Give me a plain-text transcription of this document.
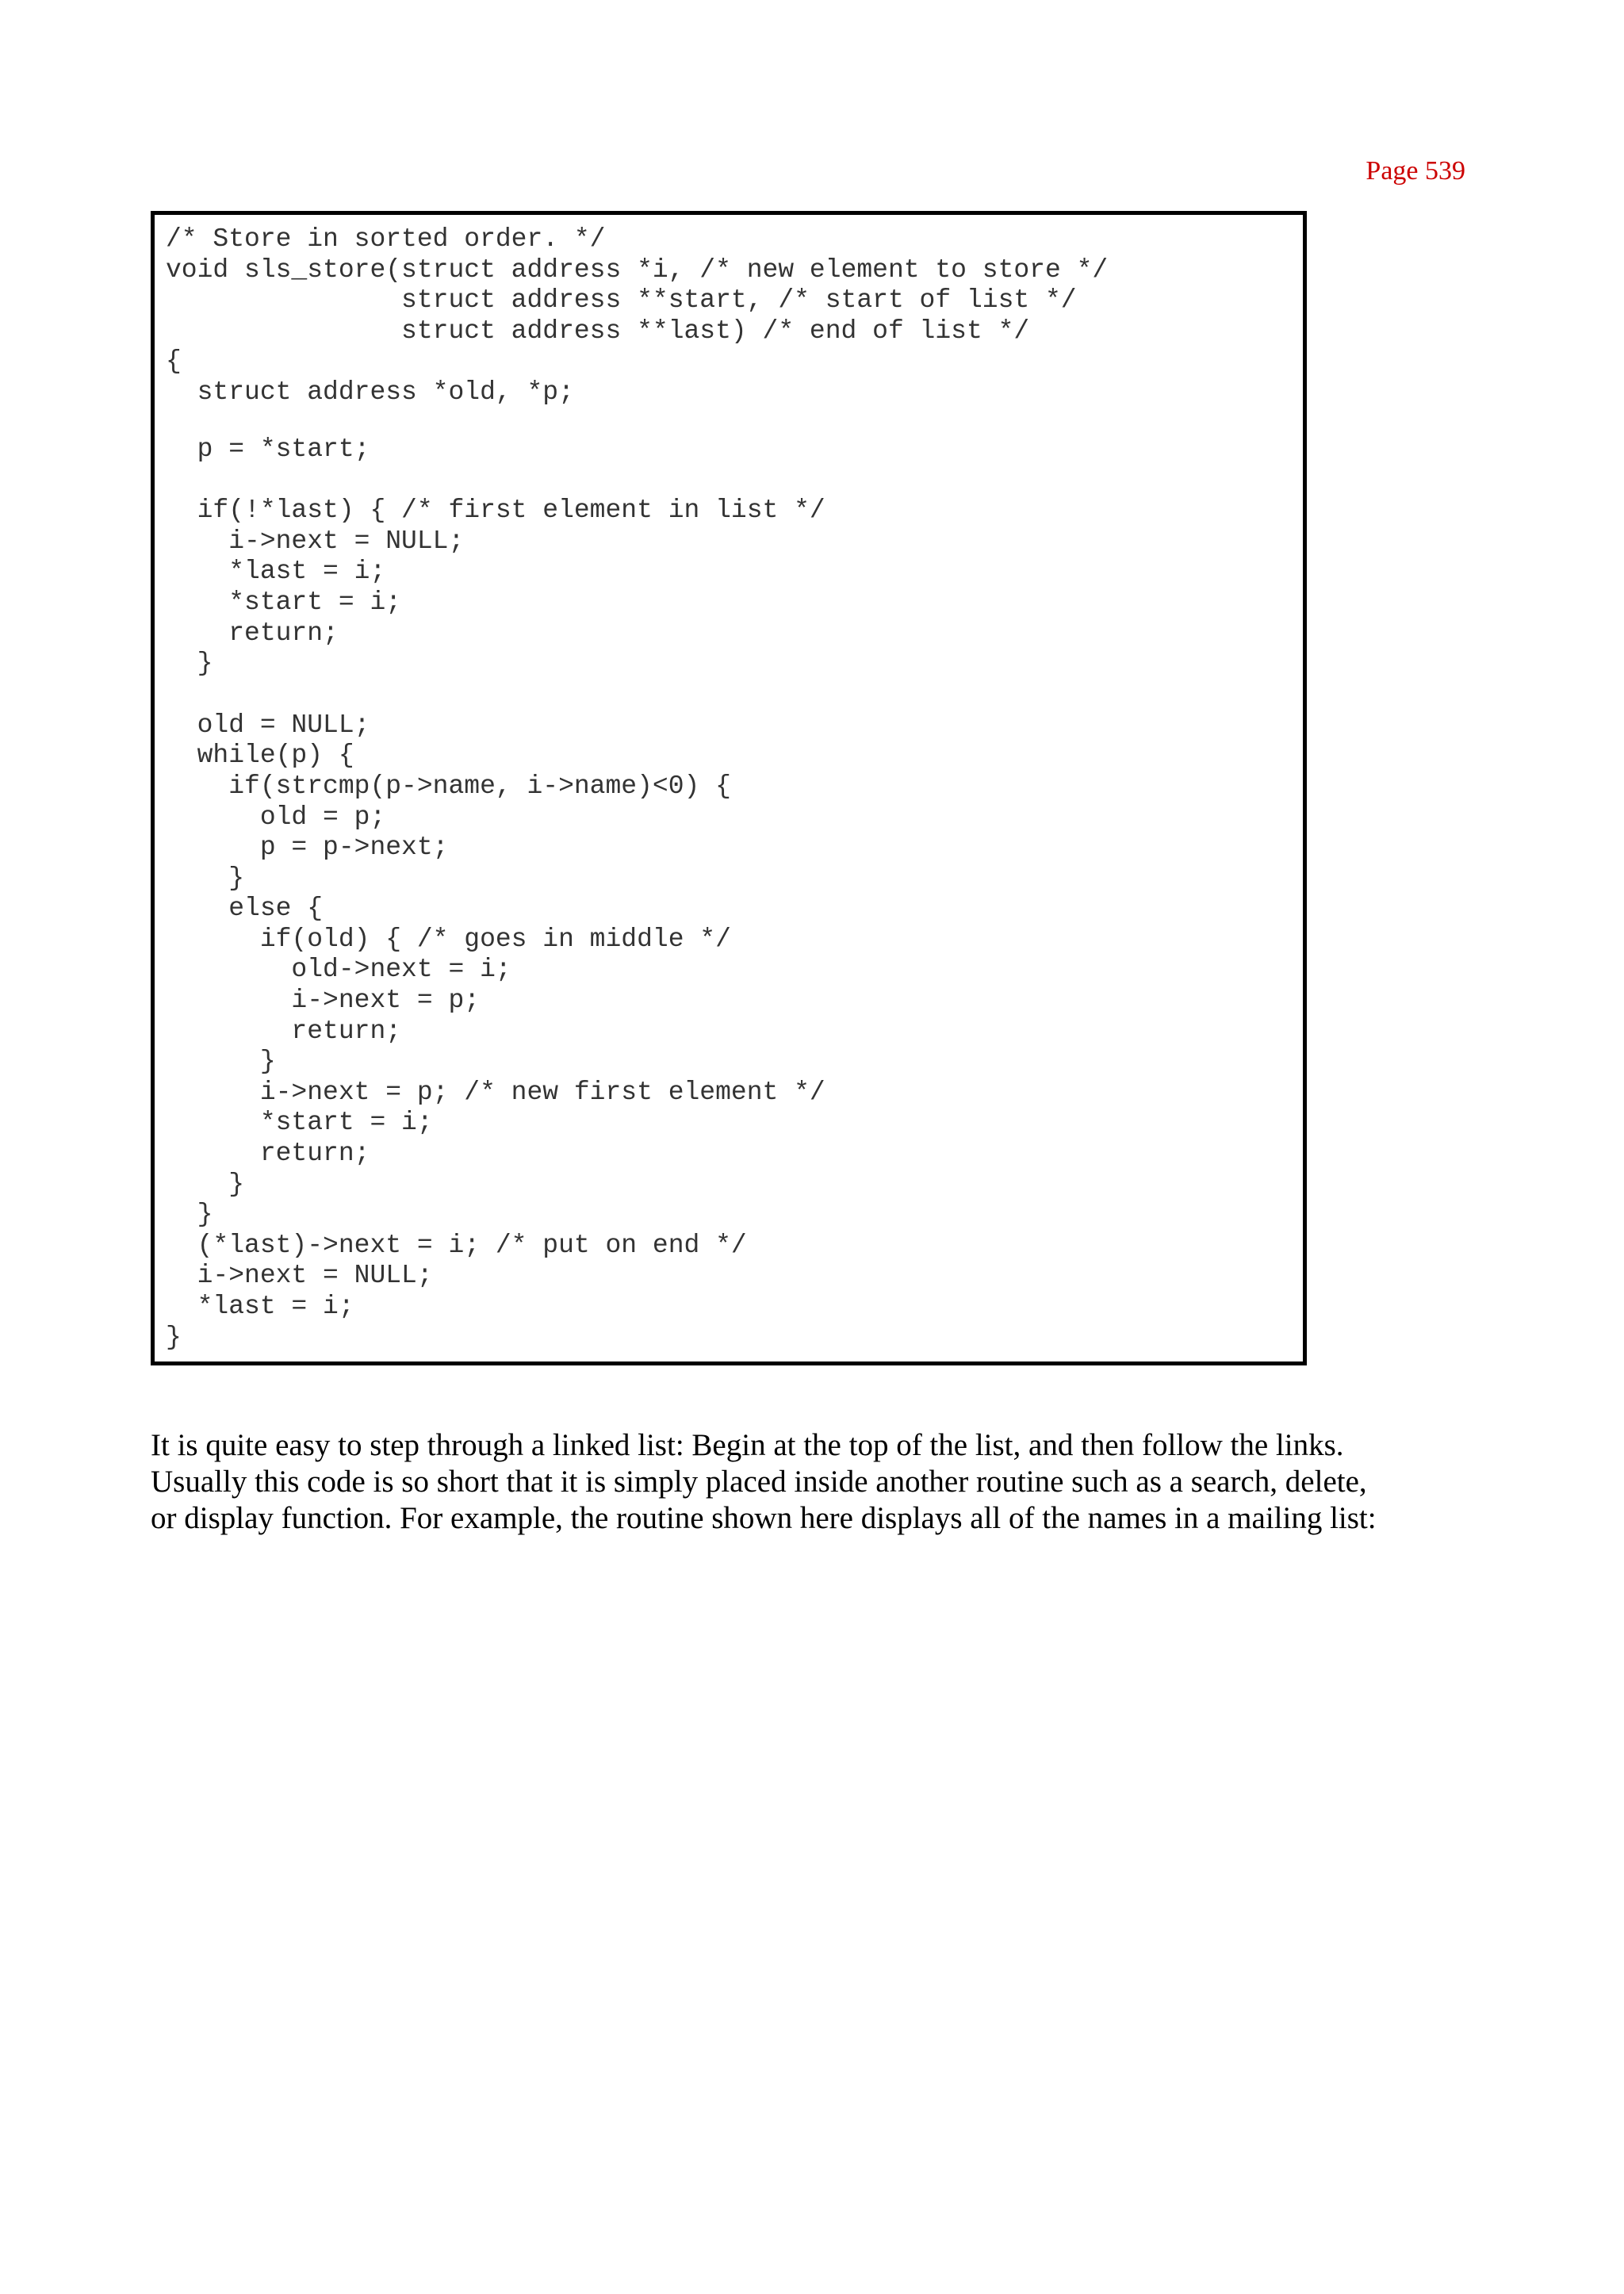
Page 539
/* Store in sorted order. */
void sls_store(struct address *i, /* new element to store */
struct address **start, /* start of list */
struct address **last) /* end of list */
{
struct address *old, *p;
p = *start;
if(!*last) { /* first element in list */
i->next = NULL;
*last = i;
*start = i;
return;
}
old = NULL;
while(p) {
if(strcmp(p->name, i->name)<0) {
old = p;
p = p->next;
}
else {
if(old) { /* goes in middle */
old->next = i;
i->next = p;
return;
}
i->next = p; /* new first element */
*start = i;
return;
}
}
(*last)->next = i; /* put on end */
i->next = NULL;
*last = i;
}
It is quite easy to step through a linked list: Begin at the top of the list, and then follow the links.
Usually this code is so short that it is simply placed inside another routine such as a search, delete,
or display function. For example, the routine shown here displays all of the names in a mailing list:
